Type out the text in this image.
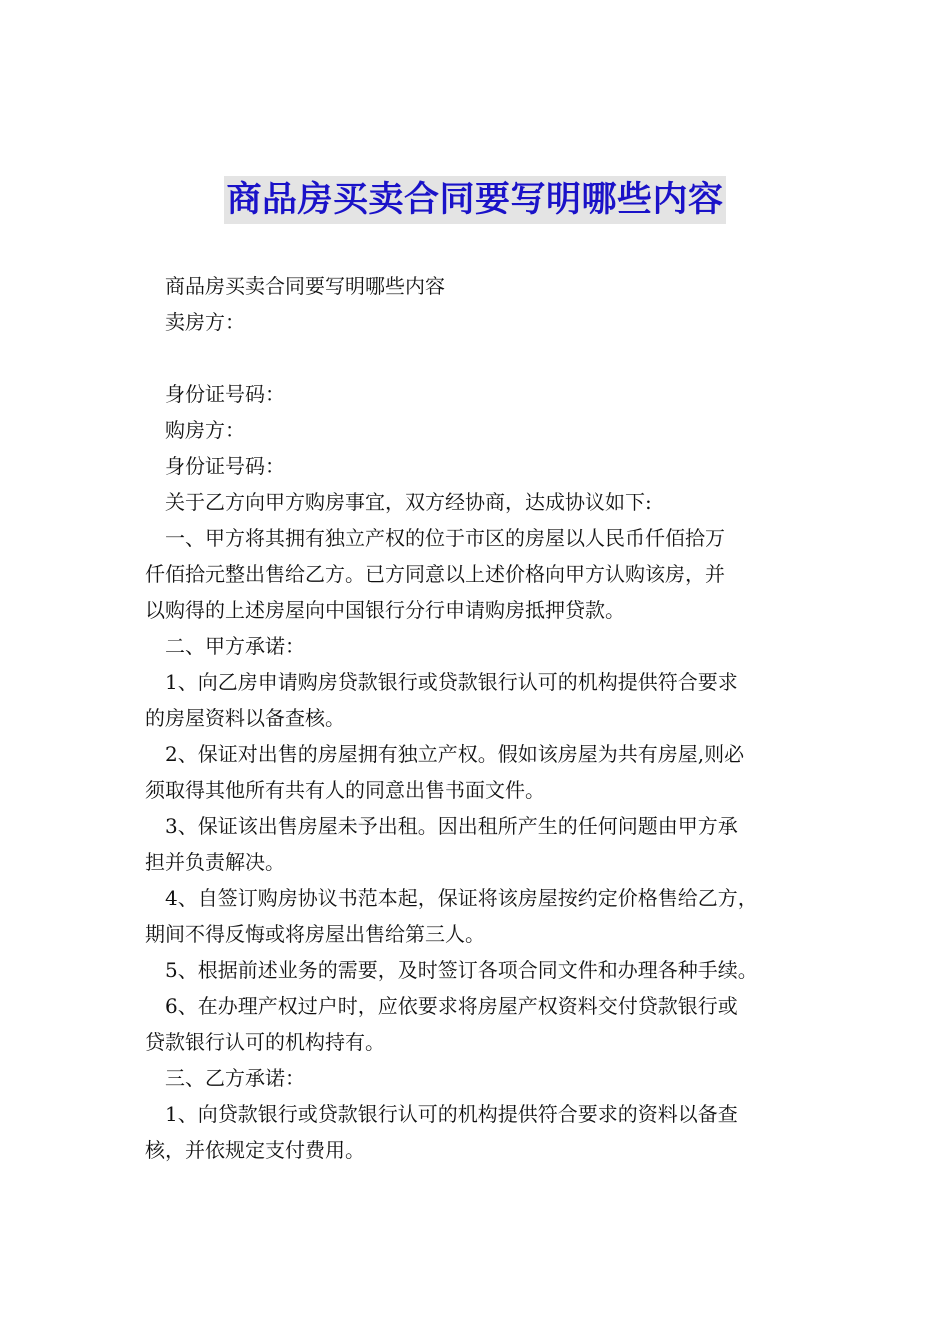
商品房买卖合同要写明哪些内容
商品房买卖合同要写明哪些内容
卖房方：
身份证号码：
购房方：
身份证号码：
关于乙方向甲方购房事宜，双方经协商，达成协议如下:
一、甲方将其拥有独立产权的位于市区的房屋以人民币仟佰拾万
仟佰拾元整出售给乙方。已方同意以上述价格向甲方认购该房，并
以购得的上述房屋向中国银行分行申请购房抵押贷款。
二、甲方承诺：
1、向乙房申请购房贷款银行或贷款银行认可的机构提供符合要求
的房屋资料以备查核。
2、保证对出售的房屋拥有独立产权。假如该房屋为共有房屋,则必
须取得其他所有共有人的同意出售书面文件。
3、保证该出售房屋未予出租。因出租所产生的任何问题由甲方承
担并负责解决。
4、自签订购房协议书范本起，保证将该房屋按约定价格售给乙方，
期间不得反悔或将房屋出售给第三人。
5、根据前述业务的需要，及时签订各项合同文件和办理各种手续。
6、在办理产权过户时，应依要求将房屋产权资料交付贷款银行或
贷款银行认可的机构持有。
三、乙方承诺：
1、向贷款银行或贷款银行认可的机构提供符合要求的资料以备查
核，并依规定支付费用。
